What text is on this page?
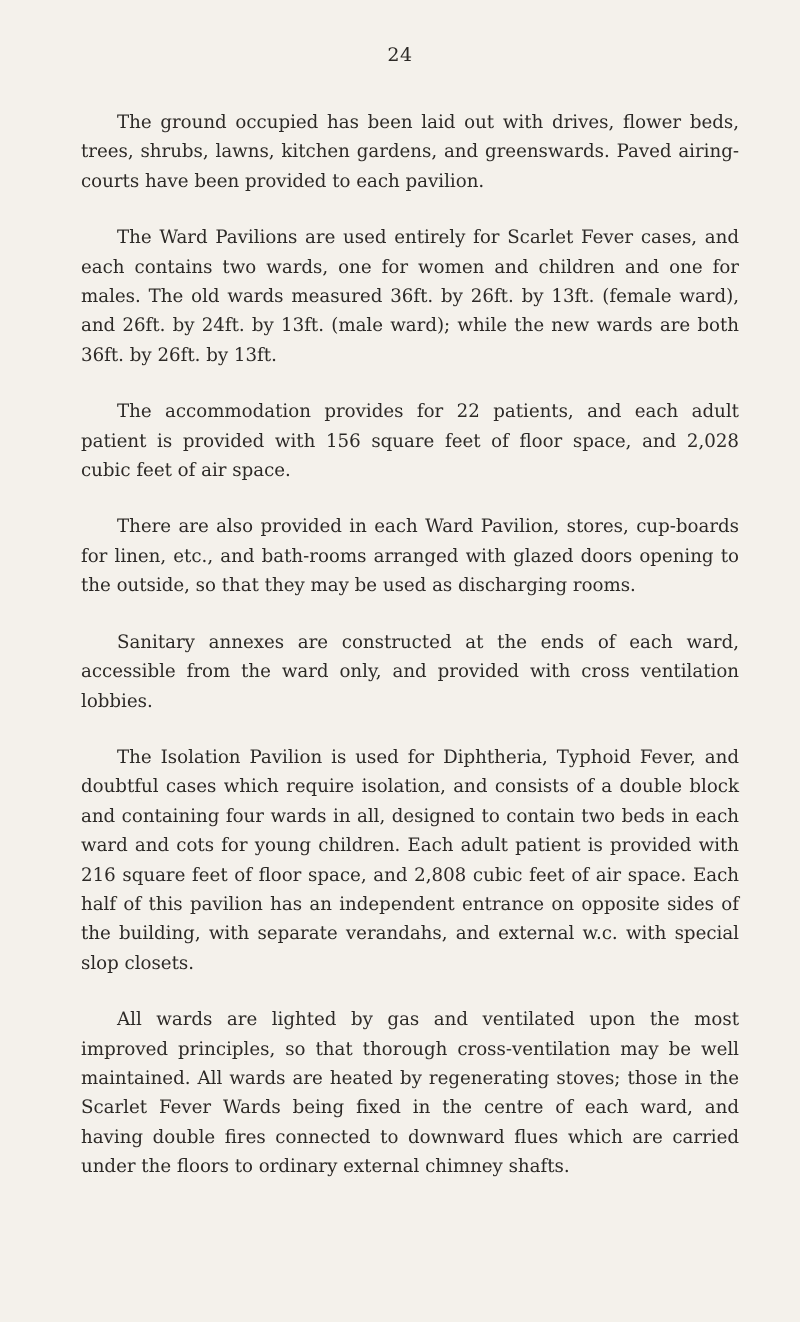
24

The ground occupied has been laid out with drives, flower beds, trees, shrubs, lawns, kitchen gardens, and greenswards. Paved airing-courts have been provided to each pavilion.

The Ward Pavilions are used entirely for Scarlet Fever cases, and each contains two wards, one for women and children and one for males. The old wards measured 36ft. by 26ft. by 13ft. (female ward), and 26ft. by 24ft. by 13ft. (male ward); while the new wards are both 36ft. by 26ft. by 13ft.

The accommodation provides for 22 patients, and each adult patient is provided with 156 square feet of floor space, and 2,028 cubic feet of air space.

There are also provided in each Ward Pavilion, stores, cup-boards for linen, etc., and bath-rooms arranged with glazed doors opening to the outside, so that they may be used as discharging rooms.

Sanitary annexes are constructed at the ends of each ward, accessible from the ward only, and provided with cross ventilation lobbies.

The Isolation Pavilion is used for Diphtheria, Typhoid Fever, and doubtful cases which require isolation, and consists of a double block and containing four wards in all, designed to contain two beds in each ward and cots for young children. Each adult patient is provided with 216 square feet of floor space, and 2,808 cubic feet of air space. Each half of this pavilion has an independent entrance on opposite sides of the building, with separate verandahs, and external w.c. with special slop closets.

All wards are lighted by gas and ventilated upon the most improved principles, so that thorough cross-ventilation may be well maintained. All wards are heated by regenerating stoves; those in the Scarlet Fever Wards being fixed in the centre of each ward, and having double fires connected to downward flues which are carried under the floors to ordinary external chimney shafts.
